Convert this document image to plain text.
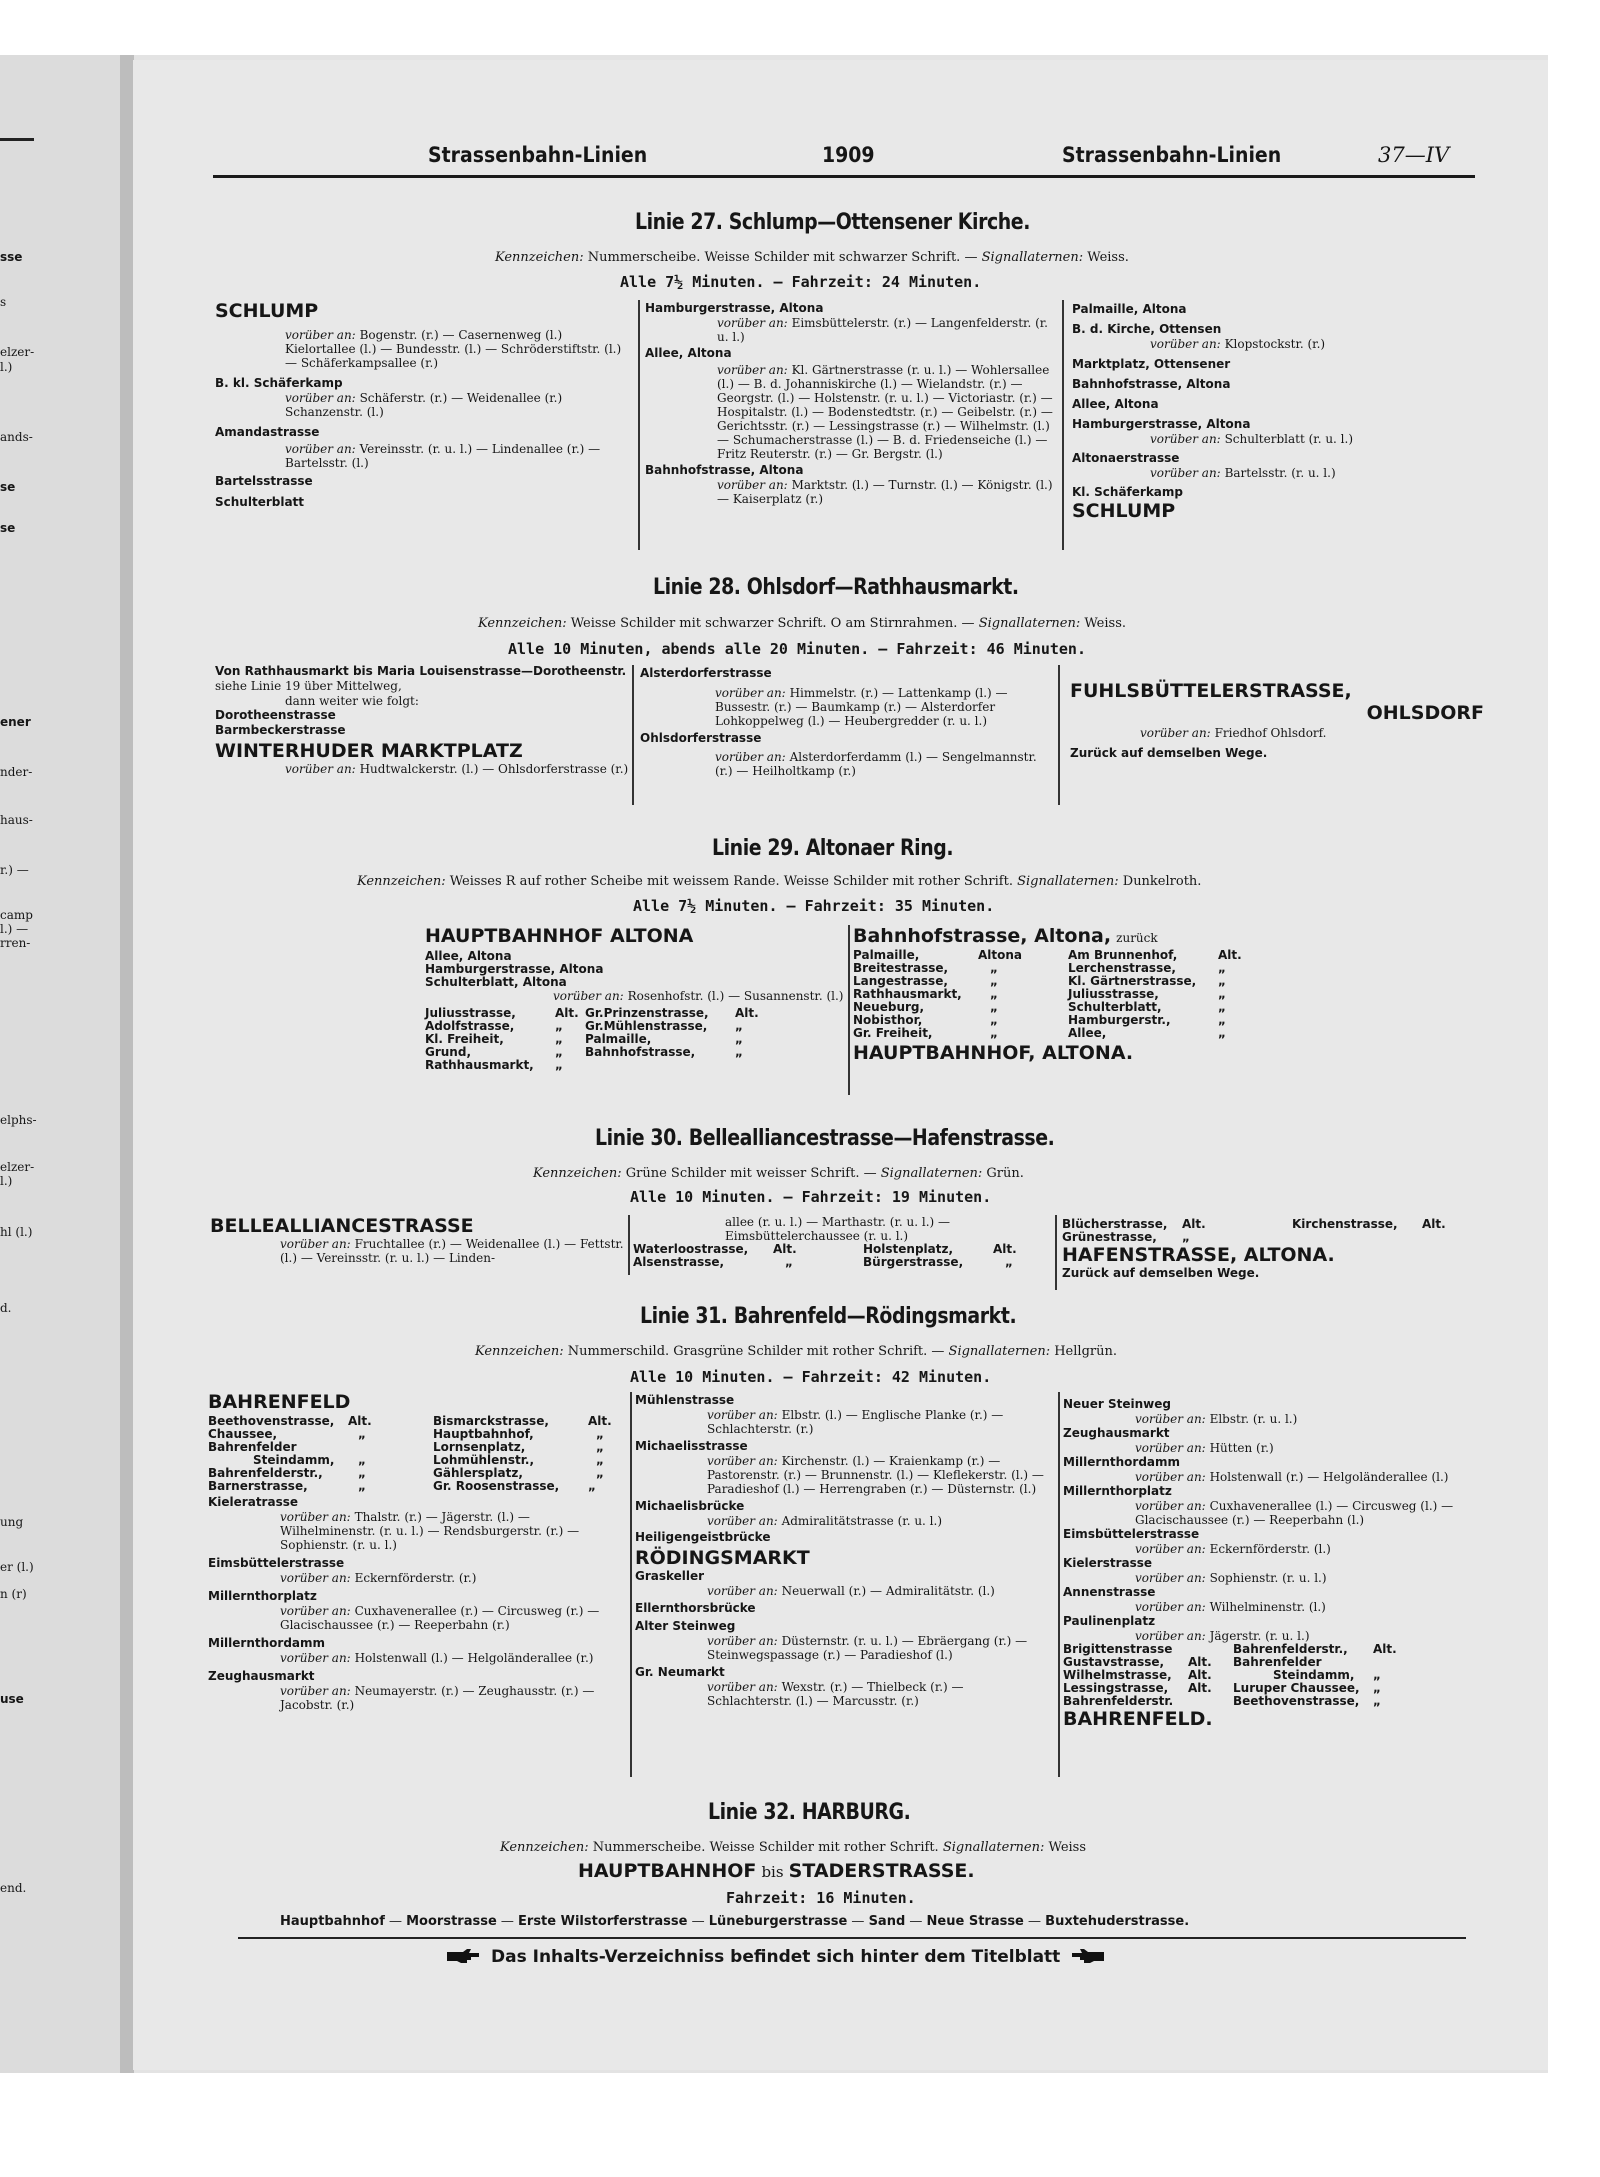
sse
s
elzer-
l.)
ands-
se
se
ener
nder-
haus-
r.) —
camp
l.) —
rren-
elphs-
elzer-
l.)
hl (l.)
d.
ung
er (l.)
n (r)
use
end.
Strassenbahn-Linien	1909	Strassenbahn-Linien	37—IV
Linie 27. Schlump—Ottensener Kirche.
Kennzeichen: Nummerscheibe. Weisse Schilder mit schwarzer Schrift. — Signallaternen: Weiss.
Alle 7½ Minuten. — Fahrzeit: 24 Minuten.
SCHLUMP
vorüber an: Bogenstr. (r.) — Casernenweg (l.) Kielortallee (l.) — Bundesstr. (l.) — Schröderstiftstr. (l.) — Schäferkampsallee (r.)
B. kl. Schäferkamp
vorüber an: Schäferstr. (r.) — Weidenallee (r.) Schanzenstr. (l.)
Amandastrasse
vorüber an: Vereinsstr. (r. u. l.) — Lindenallee (r.) — Bartelsstr. (l.)
Bartelsstrasse
Schulterblatt
Hamburgerstrasse, Altona
vorüber an: Eimsbüttelerstr. (r.) — Langenfelderstr. (r. u. l.)
Allee, Altona
vorüber an: Kl. Gärtnerstrasse (r. u. l.) — Wohlersallee (l.) — B. d. Johanniskirche (l.) — Wielandstr. (r.) — Georgstr. (l.) — Holstenstr. (r. u. l.) — Victoriastr. (r.) — Hospitalstr. (l.) — Bodenstedtstr. (r.) — Geibelstr. (r.) — Gerichtsstr. (r.) — Lessingstrasse (r.) — Wilhelmstr. (l.) — Schumacherstrasse (l.) — B. d. Friedenseiche (l.) — Fritz Reuterstr. (r.) — Gr. Bergstr. (l.)
Bahnhofstrasse, Altona
vorüber an: Marktstr. (l.) — Turnstr. (l.) — Königstr. (l.) — Kaiserplatz (r.)
Palmaille, Altona
B. d. Kirche, Ottensen
vorüber an: Klopstockstr. (r.)
Marktplatz, Ottensener
Bahnhofstrasse, Altona
Allee, Altona
Hamburgerstrasse, Altona
vorüber an: Schulterblatt (r. u. l.)
Altonaerstrasse
vorüber an: Bartelsstr. (r. u. l.)
Kl. Schäferkamp
SCHLUMP
Linie 28. Ohlsdorf—Rathhausmarkt.
Kennzeichen: Weisse Schilder mit schwarzer Schrift. O am Stirnrahmen. — Signallaternen: Weiss.
Alle 10 Minuten, abends alle 20 Minuten. — Fahrzeit: 46 Minuten.
Von Rathhausmarkt bis Maria Louisenstrasse—Dorotheenstr. siehe Linie 19 über Mittelweg,
dann weiter wie folgt:
Dorotheenstrasse
Barmbeckerstrasse
WINTERHUDER MARKTPLATZ
vorüber an: Hudtwalckerstr. (l.) — Ohlsdorferstrasse (r.)
Alsterdorferstrasse
vorüber an: Himmelstr. (r.) — Lattenkamp (l.) — Bussestr. (r.) — Baumkamp (r.) — Alsterdorfer Lohkoppelweg (l.) — Heubergredder (r. u. l.)
Ohlsdorferstrasse
vorüber an: Alsterdorferdamm (l.) — Sengelmannstr. (r.) — Heilholtkamp (r.)
FUHLSBÜTTELERSTRASSE,
OHLSDORF
vorüber an: Friedhof Ohlsdorf.
Zurück auf demselben Wege.
Linie 29. Altonaer Ring.
Kennzeichen: Weisses R auf rother Scheibe mit weissem Rande. Weisse Schilder mit rother Schrift. Signallaternen: Dunkelroth.
Alle 7½ Minuten. — Fahrzeit: 35 Minuten.
HAUPTBAHNHOF ALTONA
Allee, Altona
Hamburgerstrasse, Altona
Schulterblatt, Altona
vorüber an: Rosenhofstr. (l.) — Susannenstr. (l.)
Juliusstrasse,	Alt.	Gr.Prinzenstrasse,	Alt.
Adolfstrasse,	„	Gr.Mühlenstrasse,	„
Kl. Freiheit,	„	Palmaille,	„
Grund,	„	Bahnhofstrasse,	„
Rathhausmarkt,	„		
Bahnhofstrasse, Altona, zurück
Palmaille,	Altona	Am Brunnenhof,	Alt.
Breitestrasse,	„	Lerchenstrasse,	„
Langestrasse,	„	Kl. Gärtnerstrasse,	„
Rathhausmarkt,	„	Juliusstrasse,	„
Neueburg,	„	Schulterblatt,	„
Nobisthor,	„	Hamburgerstr.,	„
Gr. Freiheit,	„	Allee,	„
HAUPTBAHNHOF, ALTONA.
Linie 30. Bellealliancestrasse—Hafenstrasse.
Kennzeichen: Grüne Schilder mit weisser Schrift. — Signallaternen: Grün.
Alle 10 Minuten. — Fahrzeit: 19 Minuten.
BELLEALLIANCESTRASSE
vorüber an: Fruchtallee (r.) — Weidenallee (l.) — Fettstr. (l.) — Vereinsstr. (r. u. l.) — Linden-
allee (r. u. l.) — Marthastr. (r. u. l.) — Eimsbüttelerchaussee (r. u. l.)
Waterloostrasse,	Alt.	Holstenplatz,	Alt.
Alsenstrasse,	„	Bürgerstrasse,	„
Blücherstrasse,	Alt.	Kirchenstrasse,	Alt.
Grünestrasse,	„		
HAFENSTRASSE, ALTONA.
Zurück auf demselben Wege.
Linie 31. Bahrenfeld—Rödingsmarkt.
Kennzeichen: Nummerschild. Grasgrüne Schilder mit rother Schrift. — Signallaternen: Hellgrün.
Alle 10 Minuten. — Fahrzeit: 42 Minuten.
BAHRENFELD
Beethovenstrasse,	Alt.	Bismarckstrasse,	Alt.
Chaussee,	„	Hauptbahnhof,	„
Bahrenfelder		Lornsenplatz,	„
Steindamm,	„	Lohmühlenstr.,	„
Bahrenfelderstr.,	„	Gählersplatz,	„
Barnerstrasse,	„	Gr. Roosenstrasse,	„
Kieleratrasse
vorüber an: Thalstr. (r.) — Jägerstr. (l.) — Wilhelminenstr. (r. u. l.) — Rendsburgerstr. (r.) — Sophienstr. (r. u. l.)
Eimsbüttelerstrasse
vorüber an: Eckernförderstr. (r.)
Millernthorplatz
vorüber an: Cuxhavenerallee (r.) — Circusweg (r.) — Glacischaussee (r.) — Reeperbahn (r.)
Millernthordamm
vorüber an: Holstenwall (l.) — Helgoländerallee (r.)
Zeughausmarkt
vorüber an: Neumayerstr. (r.) — Zeughausstr. (r.) — Jacobstr. (r.)
Mühlenstrasse
vorüber an: Elbstr. (l.) — Englische Planke (r.) — Schlachterstr. (r.)
Michaelisstrasse
vorüber an: Kirchenstr. (l.) — Kraienkamp (r.) — Pastorenstr. (r.) — Brunnenstr. (l.) — Kleflekerstr. (l.) — Paradieshof (l.) — Herrengraben (r.) — Düsternstr. (l.)
Michaelisbrücke
vorüber an: Admiralitätstrasse (r. u. l.)
Heiligengeistbrücke
RÖDINGSMARKT
Graskeller
vorüber an: Neuerwall (r.) — Admiralitätstr. (l.)
Ellernthorsbrücke
Alter Steinweg
vorüber an: Düsternstr. (r. u. l.) — Ebräergang (r.) — Steinwegspassage (r.) — Paradieshof (l.)
Gr. Neumarkt
vorüber an: Wexstr. (r.) — Thielbeck (r.) — Schlachterstr. (l.) — Marcusstr. (r.)
Neuer Steinweg
vorüber an: Elbstr. (r. u. l.)
Zeughausmarkt
vorüber an: Hütten (r.)
Millernthordamm
vorüber an: Holstenwall (r.) — Helgoländerallee (l.)
Millernthorplatz
vorüber an: Cuxhavenerallee (l.) — Circusweg (l.) — Glacischaussee (r.) — Reeperbahn (l.)
Eimsbüttelerstrasse
vorüber an: Eckernförderstr. (l.)
Kielerstrasse
vorüber an: Sophienstr. (r. u. l.)
Annenstrasse
vorüber an: Wilhelminenstr. (l.)
Paulinenplatz
vorüber an: Jägerstr. (r. u. l.)
Brigittenstrasse		Bahrenfelderstr.,	Alt.
Gustavstrasse,	Alt.	Bahrenfelder	
Wilhelmstrasse,	Alt.	Steindamm,	„
Lessingstrasse,	Alt.	Luruper Chaussee,	„
Bahrenfelderstr.		Beethovenstrasse,	„
BAHRENFELD.
Linie 32. HARBURG.
Kennzeichen: Nummerscheibe. Weisse Schilder mit rother Schrift. Signallaternen: Weiss
HAUPTBAHNHOF bis STADERSTRASSE.
Fahrzeit: 16 Minuten.
Hauptbahnhof — Moorstrasse — Erste Wilstorferstrasse — Lüneburgerstrasse — Sand — Neue Strasse — Buxtehuderstrasse.
Das Inhalts-Verzeichniss befindet sich hinter dem Titelblatt
